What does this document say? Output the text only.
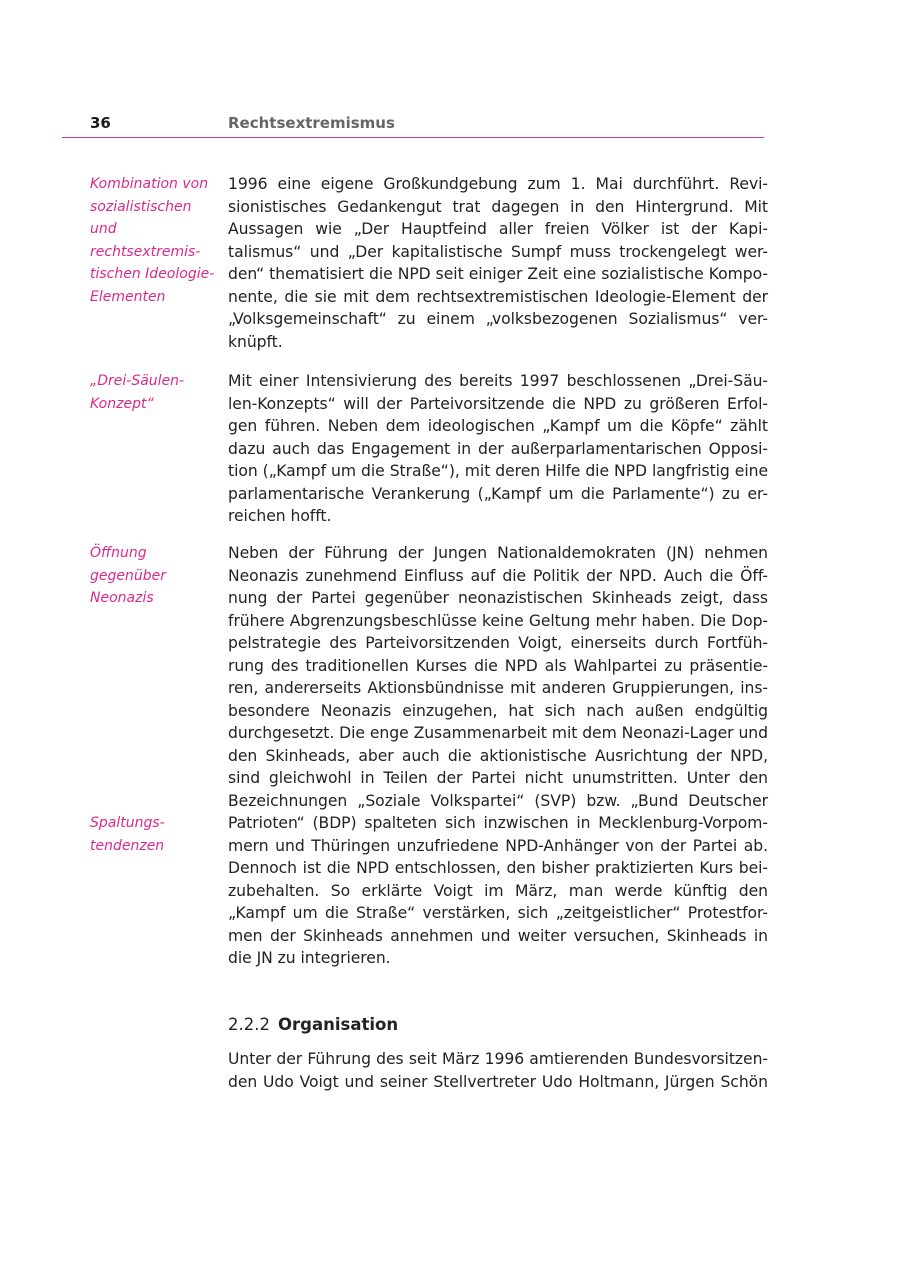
36	Rechtsextremismus
Kombination von
sozialistischen und
rechtsextremis-
tischen Ideologie-
Elementen
„Drei-Säulen-
Konzept“
Öffnung
gegenüber
Neonazis
Spaltungs-
tendenzen
1996 eine eigene Großkundgebung zum 1. Mai durchführt. Revi-
sionistisches Gedankengut trat dagegen in den Hintergrund. Mit
Aussagen wie „Der Hauptfeind aller freien Völker ist der Kapi-
talismus“ und „Der kapitalistische Sumpf muss trockengelegt wer-
den“ thematisiert die NPD seit einiger Zeit eine sozialistische Kompo-
nente, die sie mit dem rechtsextremistischen Ideologie-Element der
„Volksgemeinschaft“ zu einem „volksbezogenen Sozialismus“ ver-
knüpft.
Mit einer Intensivierung des bereits 1997 beschlossenen „Drei-Säu-
len-Konzepts“ will der Parteivorsitzende die NPD zu größeren Erfol-
gen führen. Neben dem ideologischen „Kampf um die Köpfe“ zählt
dazu auch das Engagement in der außerparlamentarischen Opposi-
tion („Kampf um die Straße“), mit deren Hilfe die NPD langfristig eine
parlamentarische Verankerung („Kampf um die Parlamente“) zu er-
reichen hofft.
Neben der Führung der Jungen Nationaldemokraten (JN) nehmen
Neonazis zunehmend Einfluss auf die Politik der NPD. Auch die Öff-
nung der Partei gegenüber neonazistischen Skinheads zeigt, dass
frühere Abgrenzungsbeschlüsse keine Geltung mehr haben. Die Dop-
pelstrategie des Parteivorsitzenden Voigt, einerseits durch Fortfüh-
rung des traditionellen Kurses die NPD als Wahlpartei zu präsentie-
ren, andererseits Aktionsbündnisse mit anderen Gruppierungen, ins-
besondere Neonazis einzugehen, hat sich nach außen endgültig
durchgesetzt. Die enge Zusammenarbeit mit dem Neonazi-Lager und
den Skinheads, aber auch die aktionistische Ausrichtung der NPD,
sind gleichwohl in Teilen der Partei nicht unumstritten. Unter den
Bezeichnungen „Soziale Volkspartei“ (SVP) bzw. „Bund Deutscher
Patrioten“ (BDP) spalteten sich inzwischen in Mecklenburg-Vorpom-
mern und Thüringen unzufriedene NPD-Anhänger von der Partei ab.
Dennoch ist die NPD entschlossen, den bisher praktizierten Kurs bei-
zubehalten. So erklärte Voigt im März, man werde künftig den
„Kampf um die Straße“ verstärken, sich „zeitgeistlicher“ Protestfor-
men der Skinheads annehmen und weiter versuchen, Skinheads in
die JN zu integrieren.
2.2.2 Organisation
Unter der Führung des seit März 1996 amtierenden Bundesvorsitzen-
den Udo Voigt und seiner Stellvertreter Udo Holtmann, Jürgen Schön
